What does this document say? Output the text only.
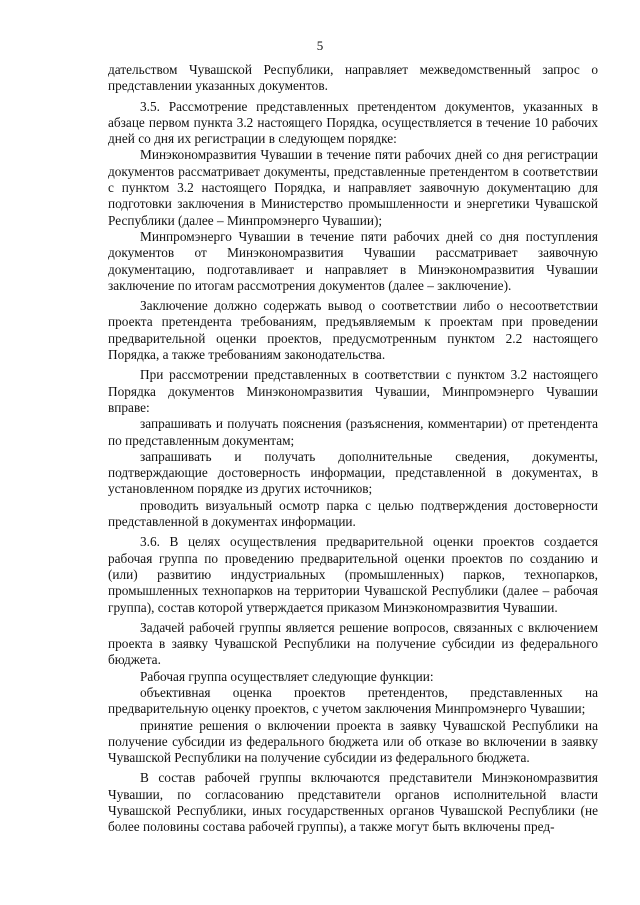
5

дательством Чувашской Республики, направляет межведомственный запрос о представлении указанных документов.

3.5. Рассмотрение представленных претендентом документов, указанных в абзаце первом пункта 3.2 настоящего Порядка, осуществляется в течение 10 рабочих дней со дня их регистрации в следующем порядке:

Минэкономразвития Чувашии в течение пяти рабочих дней со дня регистрации документов рассматривает документы, представленные претендентом в соответствии с пунктом 3.2 настоящего Порядка, и направляет заявочную документацию для подготовки заключения в Министерство промышленности и энергетики Чувашской Республики (далее – Минпромэнерго Чувашии);

Минпромэнерго Чувашии в течение пяти рабочих дней со дня поступления документов от Минэкономразвития Чувашии рассматривает заявочную документацию, подготавливает и направляет в Минэкономразвития Чувашии заключение по итогам рассмотрения документов (далее – заключение).

Заключение должно содержать вывод о соответствии либо о несоответствии проекта претендента требованиям, предъявляемым к проектам при проведении предварительной оценки проектов, предусмотренным пунктом 2.2 настоящего Порядка, а также требованиям законодательства.

При рассмотрении представленных в соответствии с пунктом 3.2 настоящего Порядка документов Минэкономразвития Чувашии, Минпромэнерго Чувашии вправе:

запрашивать и получать пояснения (разъяснения, комментарии) от претендента по представленным документам;

запрашивать и получать дополнительные сведения, документы, подтверждающие достоверность информации, представленной в документах, в установленном порядке из других источников;

проводить визуальный осмотр парка с целью подтверждения достоверности представленной в документах информации.

3.6. В целях осуществления предварительной оценки проектов создается рабочая группа по проведению предварительной оценки проектов по созданию и (или) развитию индустриальных (промышленных) парков, технопарков, промышленных технопарков на территории Чувашской Республики (далее – рабочая группа), состав которой утверждается приказом Минэкономразвития Чувашии.

Задачей рабочей группы является решение вопросов, связанных с включением проекта в заявку Чувашской Республики на получение субсидии из федерального бюджета.

Рабочая группа осуществляет следующие функции:

объективная оценка проектов претендентов, представленных на предварительную оценку проектов, с учетом заключения Минпромэнерго Чувашии;

принятие решения о включении проекта в заявку Чувашской Республики на получение субсидии из федерального бюджета или об отказе во включении в заявку Чувашской Республики на получение субсидии из федерального бюджета.

В состав рабочей группы включаются представители Минэкономразвития Чувашии, по согласованию представители органов исполнительной власти Чувашской Республики, иных государственных органов Чувашской Республики (не более половины состава рабочей группы), а также могут быть включены пред-
